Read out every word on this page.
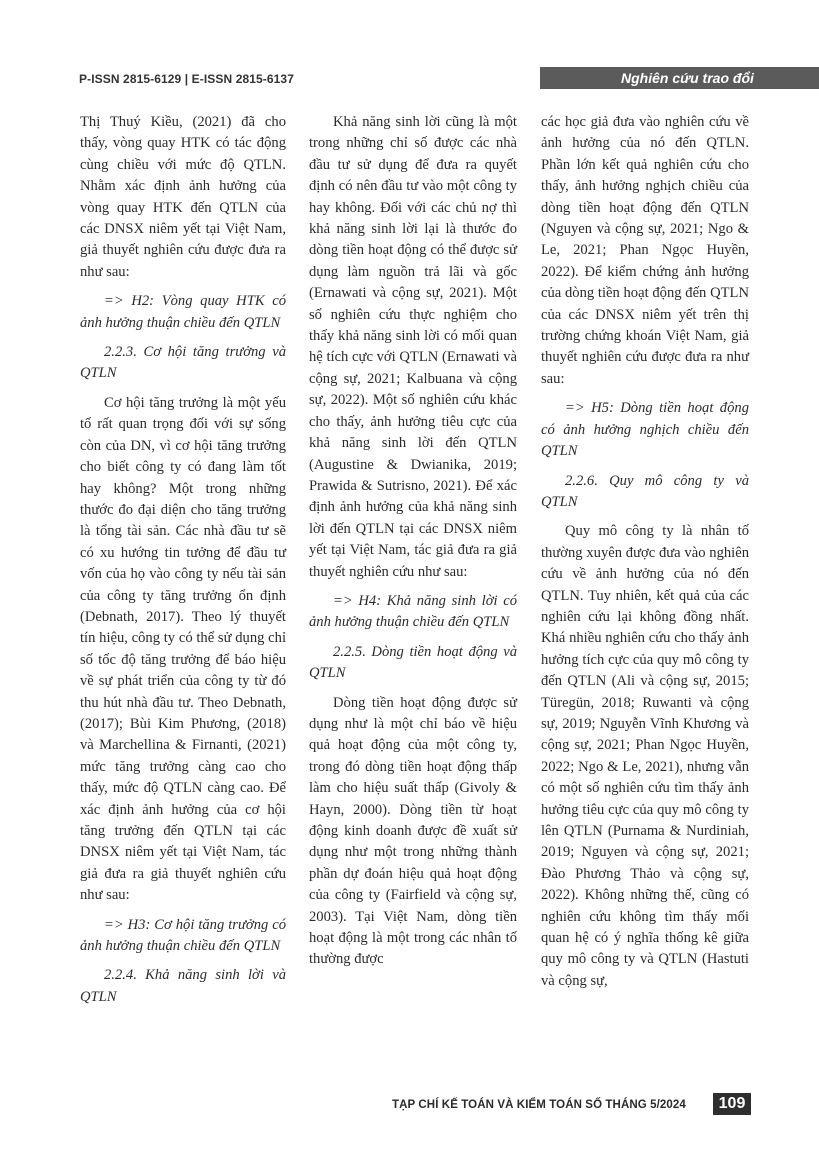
P-ISSN 2815-6129 | E-ISSN 2815-6137	Nghiên cứu trao đổi

Thị Thuý Kiều, (2021) đã cho thấy, vòng quay HTK có tác động cùng chiều với mức độ QTLN. Nhằm xác định ảnh hưởng của vòng quay HTK đến QTLN của các DNSX niêm yết tại Việt Nam, giả thuyết nghiên cứu được đưa ra như sau:

=> H2: Vòng quay HTK có ảnh hưởng thuận chiều đến QTLN

2.2.3. Cơ hội tăng trưởng và QTLN

Cơ hội tăng trưởng là một yếu tố rất quan trọng đối với sự sống còn của DN, vì cơ hội tăng trưởng cho biết công ty có đang làm tốt hay không? Một trong những thước đo đại diện cho tăng trưởng là tổng tài sản. Các nhà đầu tư sẽ có xu hướng tin tưởng để đầu tư vốn của họ vào công ty nếu tài sản của công ty tăng trưởng ổn định (Debnath, 2017). Theo lý thuyết tín hiệu, công ty có thể sử dụng chỉ số tốc độ tăng trưởng để báo hiệu về sự phát triển của công ty từ đó thu hút nhà đầu tư. Theo Debnath, (2017); Bùi Kim Phương, (2018) và Marchellina & Firnanti, (2021) mức tăng trưởng càng cao cho thấy, mức độ QTLN càng cao. Để xác định ảnh hưởng của cơ hội tăng trưởng đến QTLN tại các DNSX niêm yết tại Việt Nam, tác giả đưa ra giả thuyết nghiên cứu như sau:

=> H3: Cơ hội tăng trưởng có ảnh hưởng thuận chiều đến QTLN

2.2.4. Khả năng sinh lời và QTLN

Khả năng sinh lời cũng là một trong những chỉ số được các nhà đầu tư sử dụng để đưa ra quyết định có nên đầu tư vào một công ty hay không. Đối với các chủ nợ thì khả năng sinh lời lại là thước đo dòng tiền hoạt động có thể được sử dụng làm nguồn trả lãi và gốc (Ernawati và cộng sự, 2021). Một số nghiên cứu thực nghiệm cho thấy khả năng sinh lời có mối quan hệ tích cực với QTLN (Ernawati và cộng sự, 2021; Kalbuana và cộng sự, 2022). Một số nghiên cứu khác cho thấy, ảnh hưởng tiêu cực của khả năng sinh lời đến QTLN (Augustine & Dwianika, 2019; Prawida & Sutrisno, 2021). Để xác định ảnh hưởng của khả năng sinh lời đến QTLN tại các DNSX niêm yết tại Việt Nam, tác giả đưa ra giả thuyết nghiên cứu như sau:

=> H4: Khả năng sinh lời có ảnh hưởng thuận chiều đến QTLN

2.2.5. Dòng tiền hoạt động và QTLN

Dòng tiền hoạt động được sử dụng như là một chỉ báo về hiệu quả hoạt động của một công ty, trong đó dòng tiền hoạt động thấp làm cho hiệu suất thấp (Givoly & Hayn, 2000). Dòng tiền từ hoạt động kinh doanh được đề xuất sử dụng như một trong những thành phần dự đoán hiệu quả hoạt động của công ty (Fairfield và cộng sự, 2003). Tại Việt Nam, dòng tiền hoạt động là một trong các nhân tố thường được

các học giả đưa vào nghiên cứu về ảnh hưởng của nó đến QTLN. Phần lớn kết quả nghiên cứu cho thấy, ảnh hưởng nghịch chiều của dòng tiền hoạt động đến QTLN (Nguyen và cộng sự, 2021; Ngo & Le, 2021; Phan Ngọc Huyền, 2022). Để kiểm chứng ảnh hưởng của dòng tiền hoạt động đến QTLN của các DNSX niêm yết trên thị trường chứng khoán Việt Nam, giả thuyết nghiên cứu được đưa ra như sau:

=> H5: Dòng tiền hoạt động có ảnh hưởng nghịch chiều đến QTLN

2.2.6. Quy mô công ty và QTLN

Quy mô công ty là nhân tố thường xuyên được đưa vào nghiên cứu về ảnh hưởng của nó đến QTLN. Tuy nhiên, kết quả của các nghiên cứu lại không đồng nhất. Khá nhiều nghiên cứu cho thấy ảnh hưởng tích cực của quy mô công ty đến QTLN (Ali và cộng sự, 2015; Türegün, 2018; Ruwanti và cộng sự, 2019; Nguyễn Vĩnh Khương và cộng sự, 2021; Phan Ngọc Huyền, 2022; Ngo & Le, 2021), nhưng vẫn có một số nghiên cứu tìm thấy ảnh hưởng tiêu cực của quy mô công ty lên QTLN (Purnama & Nurdiniah, 2019; Nguyen và cộng sự, 2021; Đào Phương Thảo và cộng sự, 2022). Không những thế, cũng có nghiên cứu không tìm thấy mối quan hệ có ý nghĩa thống kê giữa quy mô công ty và QTLN (Hastuti và cộng sự,

TẠP CHÍ KẾ TOÁN VÀ KIỂM TOÁN SỐ THÁNG 5/2024	109
